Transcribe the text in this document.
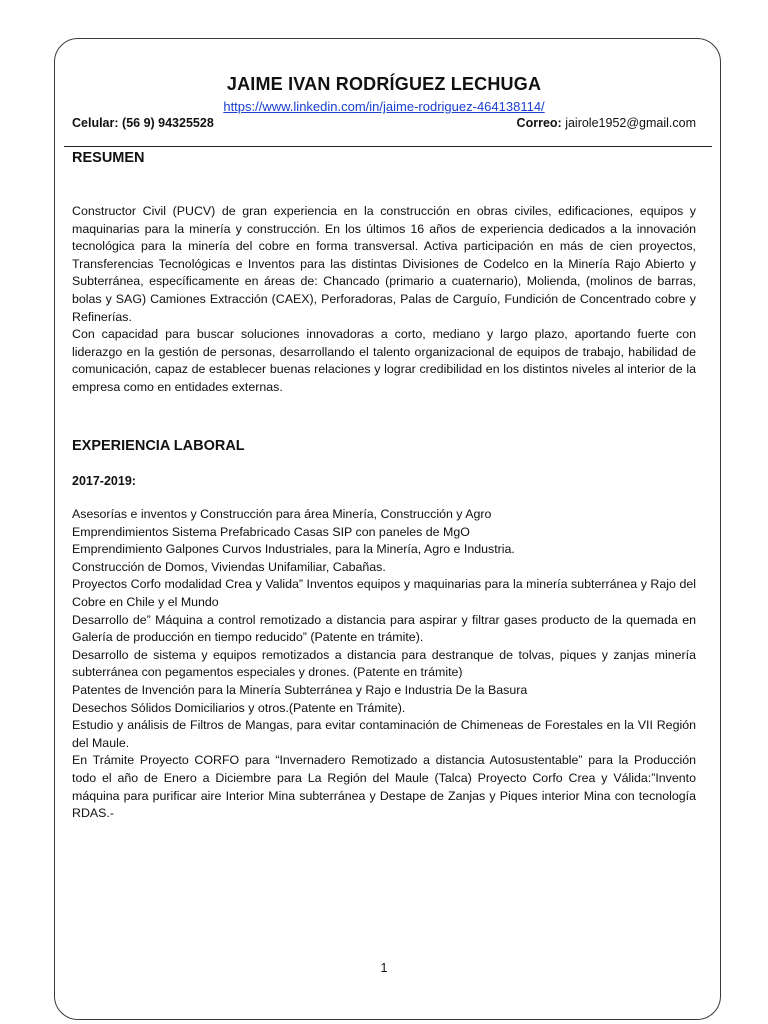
JAIME IVAN RODRÍGUEZ LECHUGA
https://www.linkedin.com/in/jaime-rodriguez-464138114/
Celular: (56 9) 94325528	Correo: jairole1952@gmail.com
RESUMEN

Constructor Civil (PUCV) de gran experiencia en la construcción en obras civiles, edificaciones, equipos y maquinarias para la minería y construcción. En los últimos 16 años de experiencia dedicados a la innovación tecnológica para la minería del cobre en forma transversal. Activa participación en más de cien proyectos, Transferencias Tecnológicas e Inventos para las distintas Divisiones de Codelco en la Minería Rajo Abierto y Subterránea, específicamente en áreas de: Chancado (primario a cuaternario), Molienda, (molinos de barras, bolas y SAG) Camiones Extracción (CAEX), Perforadoras, Palas de Carguío, Fundición de Concentrado cobre y Refinerías.

Con capacidad para buscar soluciones innovadoras a corto, mediano y largo plazo, aportando fuerte con liderazgo en la gestión de personas, desarrollando el talento organizacional de equipos de trabajo, habilidad de comunicación, capaz de establecer buenas relaciones y lograr credibilidad en los distintos niveles al interior de la empresa como en entidades externas.

EXPERIENCIA LABORAL
2017-2019:
Asesorías e inventos y Construcción para área Minería, Construcción y Agro
Emprendimientos Sistema Prefabricado Casas SIP con paneles de MgO
Emprendimiento Galpones Curvos Industriales, para la Minería, Agro e Industria.
Construcción de Domos, Viviendas Unifamiliar, Cabañas.
Proyectos Corfo modalidad Crea y Valida” Inventos equipos y maquinarias para la minería subterránea y Rajo del Cobre en Chile y el Mundo
Desarrollo de” Máquina a control remotizado a distancia para aspirar y filtrar gases producto de la quemada en Galería de producción en tiempo reducido” (Patente en trámite).
Desarrollo de sistema y equipos remotizados a distancia para destranque de tolvas, piques y zanjas minería subterránea con pegamentos especiales y drones. (Patente en trámite)
Patentes de Invención para la Minería Subterránea y Rajo e Industria De la Basura
Desechos Sólidos Domiciliarios y otros.(Patente en Trámite).
Estudio y análisis de Filtros de Mangas, para evitar contaminación de Chimeneas de Forestales en la VII Región del Maule.
En Trámite Proyecto CORFO para “Invernadero Remotizado a distancia Autosustentable” para la Producción todo el año de Enero a Diciembre para La Región del Maule (Talca) Proyecto Corfo Crea y Válida:”Invento máquina para purificar aire Interior Mina subterránea y Destape de Zanjas y Piques interior Mina con tecnología RDAS.-
1
